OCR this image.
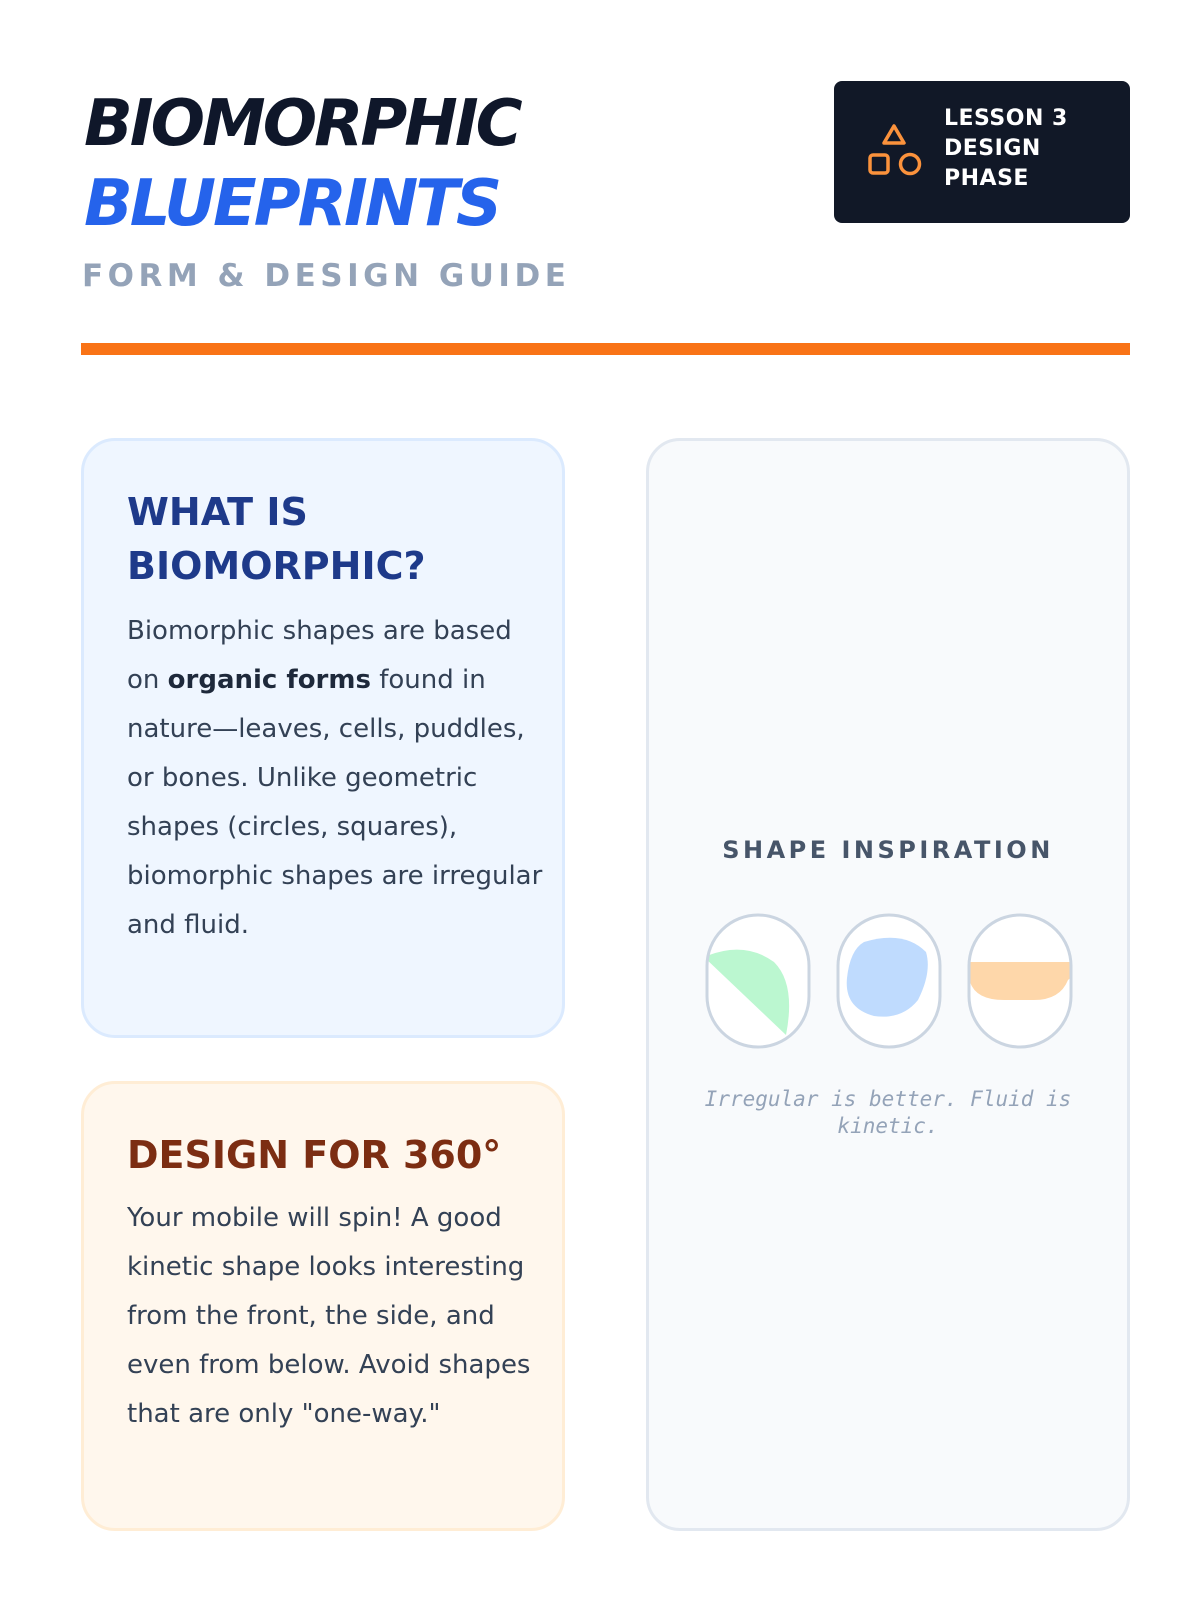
BIOMORPHIC
BLUEPRINTS
FORM & DESIGN GUIDE
LESSON 3
DESIGN
PHASE
WHAT IS BIOMORPHIC?

Biomorphic shapes are based on organic forms found in nature—leaves, cells, puddles, or bones. Unlike geometric shapes (circles, squares), biomorphic shapes are irregular and fluid.

DESIGN FOR 360°

Your mobile will spin! A good kinetic shape looks interesting from the front, the side, and even from below. Avoid shapes that are only "one-way."

SHAPE INSPIRATION
Irregular is better. Fluid is kinetic.
